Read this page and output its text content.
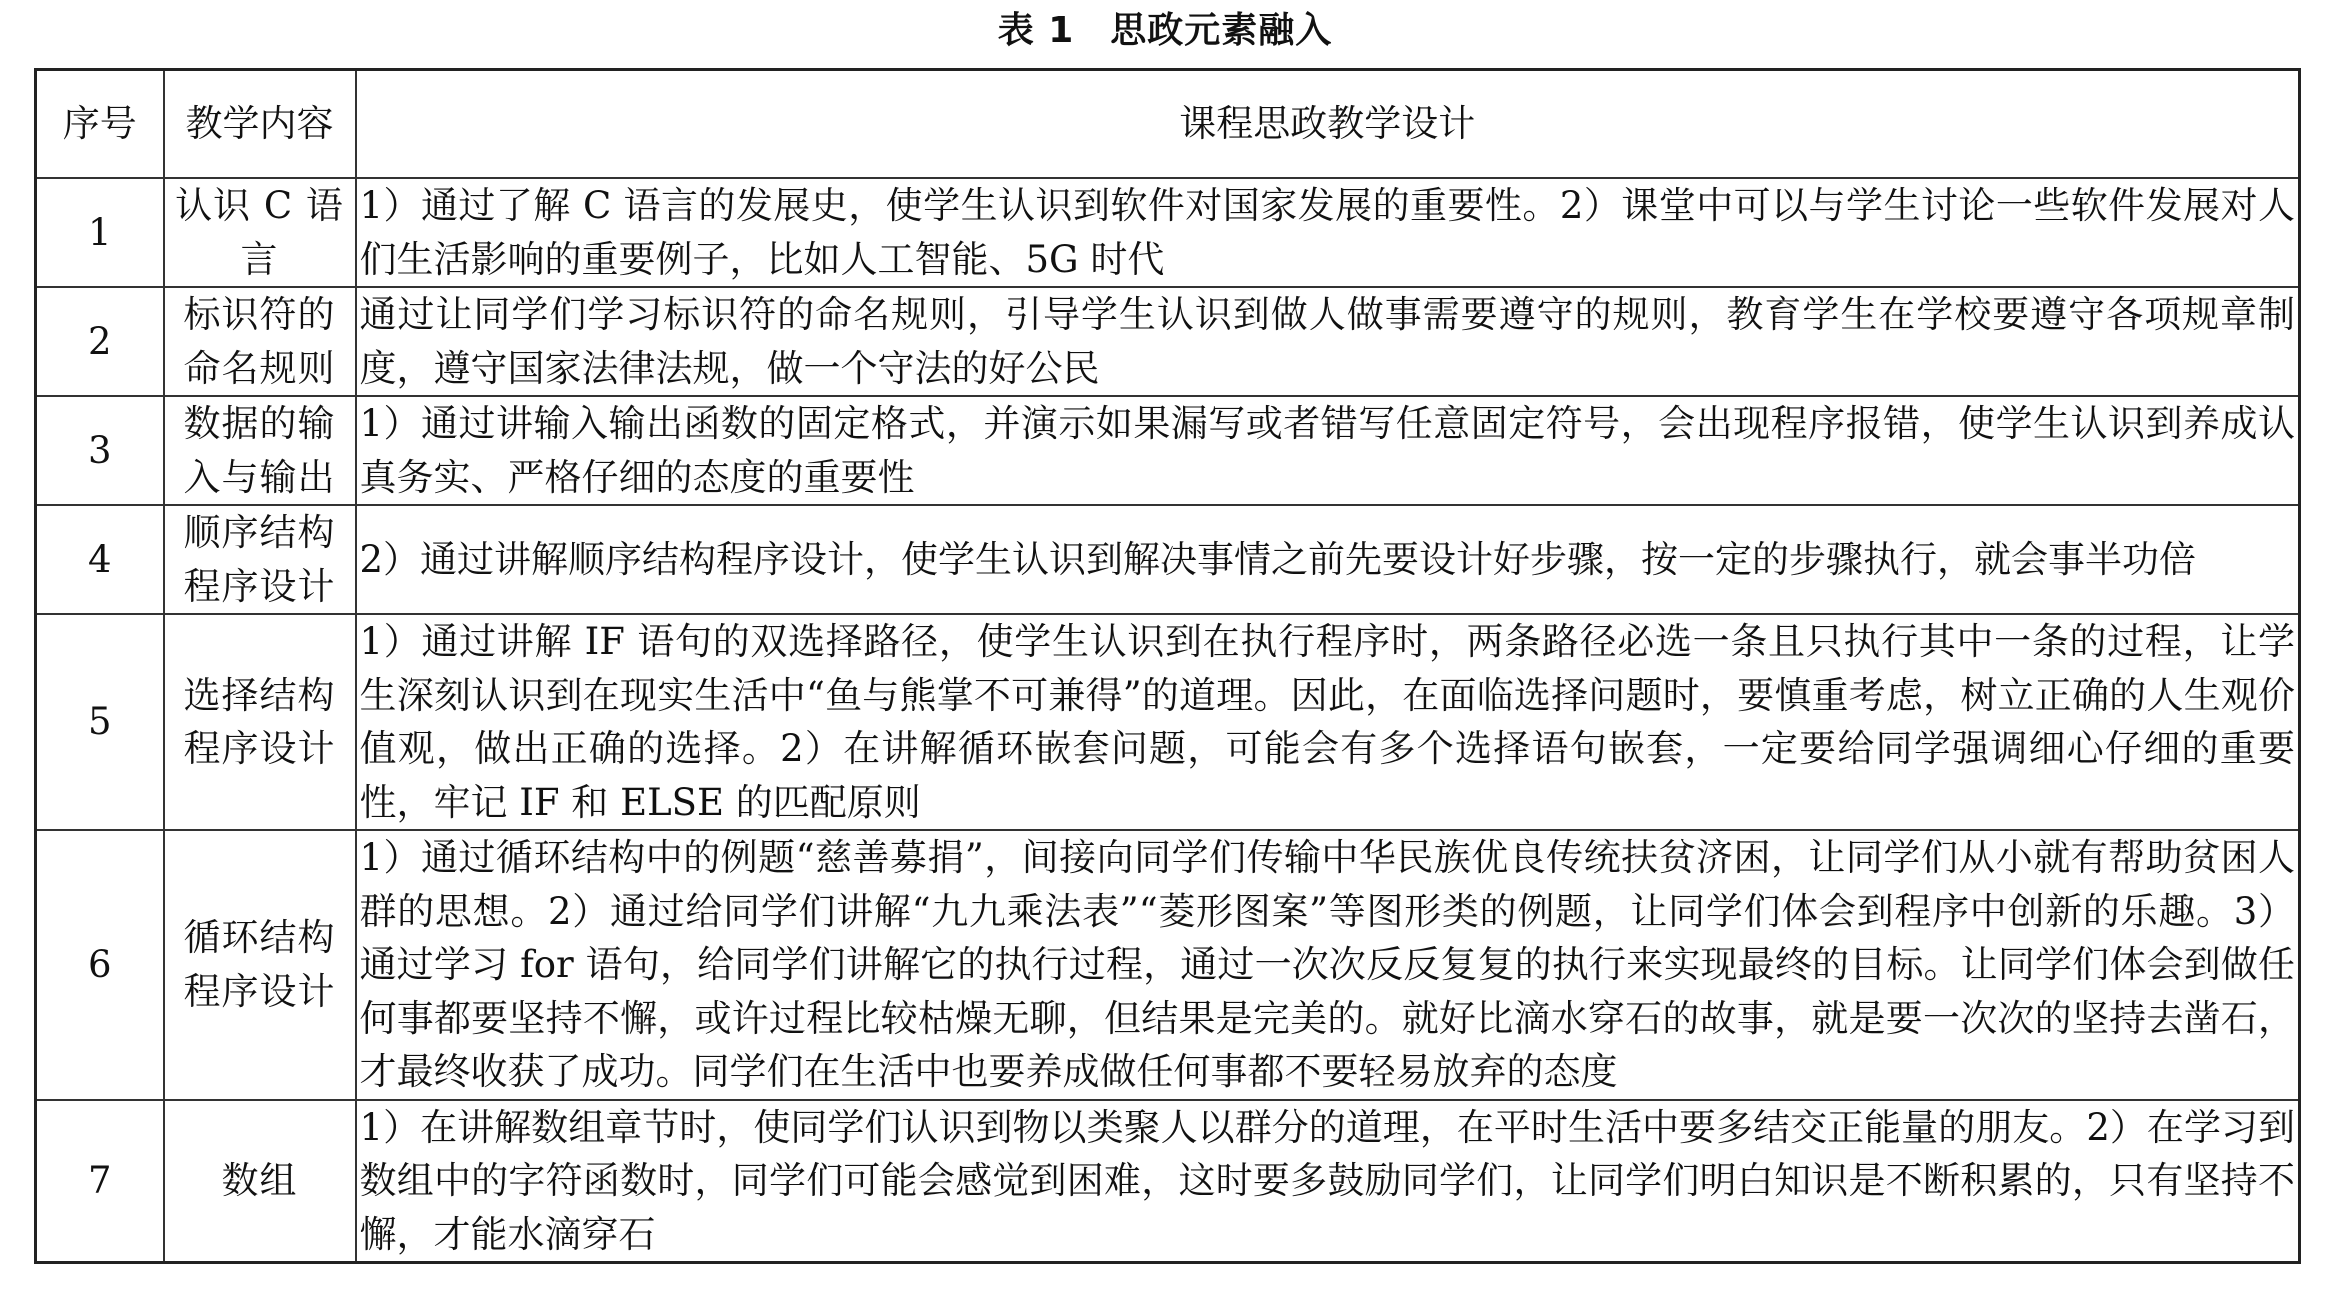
表 1 思政元素融入
序号	教学内容	课程思政教学设计
1	认识 C 语言	1）通过了解 C 语言的发展史，使学生认识到软件对国家发展的重要性。2）课堂中可以与学生讨论一些软件发展对人们生活影响的重要例子，比如人工智能、5G 时代
2	标识符的命名规则	通过让同学们学习标识符的命名规则，引导学生认识到做人做事需要遵守的规则，教育学生在学校要遵守各项规章制度，遵守国家法律法规，做一个守法的好公民
3	数据的输入与输出	1）通过讲输入输出函数的固定格式，并演示如果漏写或者错写任意固定符号，会出现程序报错，使学生认识到养成认真务实、严格仔细的态度的重要性
4	顺序结构程序设计	2）通过讲解顺序结构程序设计，使学生认识到解决事情之前先要设计好步骤，按一定的步骤执行，就会事半功倍
5	选择结构程序设计	1）通过讲解 IF 语句的双选择路径，使学生认识到在执行程序时，两条路径必选一条且只执行其中一条的过程，让学生深刻认识到在现实生活中“鱼与熊掌不可兼得”的道理。因此，在面临选择问题时，要慎重考虑，树立正确的人生观价值观，做出正确的选择。2）在讲解循环嵌套问题，可能会有多个选择语句嵌套，一定要给同学强调细心仔细的重要性，牢记 IF 和 ELSE 的匹配原则
6	循环结构程序设计	1）通过循环结构中的例题“慈善募捐”，间接向同学们传输中华民族优良传统扶贫济困，让同学们从小就有帮助贫困人群的思想。2）通过给同学们讲解“九九乘法表”“菱形图案”等图形类的例题，让同学们体会到程序中创新的乐趣。3）通过学习 for 语句，给同学们讲解它的执行过程，通过一次次反反复复的执行来实现最终的目标。让同学们体会到做任何事都要坚持不懈，或许过程比较枯燥无聊，但结果是完美的。就好比滴水穿石的故事，就是要一次次的坚持去凿石，才最终收获了成功。同学们在生活中也要养成做任何事都不要轻易放弃的态度
7	数组	1）在讲解数组章节时，使同学们认识到物以类聚人以群分的道理，在平时生活中要多结交正能量的朋友。2）在学习到数组中的字符函数时，同学们可能会感觉到困难，这时要多鼓励同学们，让同学们明白知识是不断积累的，只有坚持不懈，才能水滴穿石
